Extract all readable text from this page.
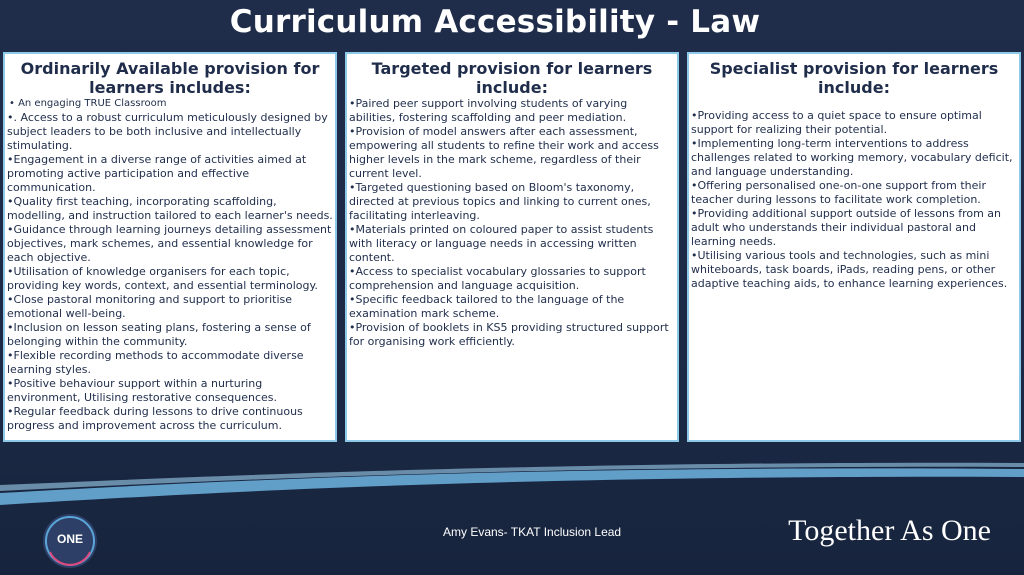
Curriculum Accessibility - Law
Ordinarily Available provision for learners includes:
• An engaging TRUE Classroom
•. Access to a robust curriculum meticulously designed by subject leaders to be both inclusive and intellectually stimulating.
•Engagement in a diverse range of activities aimed at promoting active participation and effective communication.
•Quality first teaching, incorporating scaffolding, modelling, and instruction tailored to each learner's needs.
•Guidance through learning journeys detailing assessment objectives, mark schemes, and essential knowledge for each objective.
•Utilisation of knowledge organisers for each topic, providing key words, context, and essential terminology.
•Close pastoral monitoring and support to prioritise emotional well-being.
•Inclusion on lesson seating plans, fostering a sense of belonging within the community.
•Flexible recording methods to accommodate diverse learning styles.
•Positive behaviour support within a nurturing environment, Utilising restorative consequences.
•Regular feedback during lessons to drive continuous progress and improvement across the curriculum.
Targeted provision for learners include:
•Paired peer support involving students of varying abilities, fostering scaffolding and peer mediation.
•Provision of model answers after each assessment, empowering all students to refine their work and access higher levels in the mark scheme, regardless of their current level.
•Targeted questioning based on Bloom's taxonomy, directed at previous topics and linking to current ones, facilitating interleaving.
•Materials printed on coloured paper to assist students with literacy or language needs in accessing written content.
•Access to specialist vocabulary glossaries to support comprehension and language acquisition.
•Specific feedback tailored to the language of the examination mark scheme.
•Provision of booklets in KS5 providing structured support for organising work efficiently.
Specialist provision for learners include:
•Providing access to a quiet space to ensure optimal support for realizing their potential.
•Implementing long-term interventions to address challenges related to working memory, vocabulary deficit, and language understanding.
•Offering personalised one-on-one support from their teacher during lessons to facilitate work completion.
•Providing additional support outside of lessons from an adult who understands their individual pastoral and learning needs.
•Utilising various tools and technologies, such as mini whiteboards, task boards, iPads, reading pens, or other adaptive teaching aids, to enhance learning experiences.
ONE	Amy Evans- TKAT Inclusion Lead	Together As One
